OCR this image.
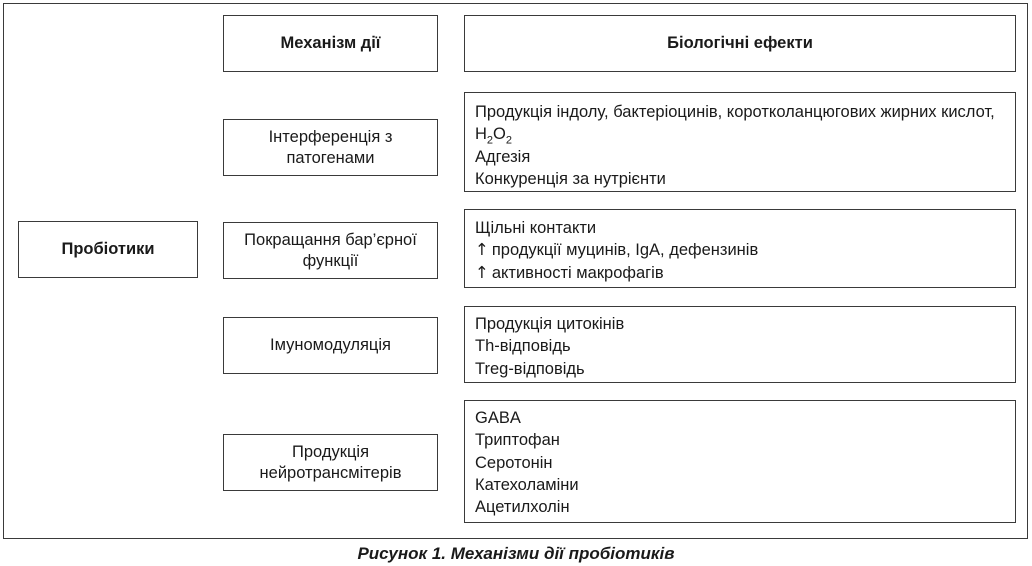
Пробіотики
Механізм дії	Біологічні ефекти
Інтерференція з патогенами
Покращання бар’єрної функції
Імуномодуляція
Продукція нейротрансмітерів
Продукція індолу, бактеріоцинів, коротколанцюгових жирних кислот, $H_2O_2$
Адгезія
Конкуренція за нутрієнти
Щільні контакти
↑ продукції муцинів, IgA, дефензинів
↑ активності макрофагів
Продукція цитокінів
Th-відповідь
Treg-відповідь
GABA
Триптофан
Серотонін
Катехоламіни
Ацетилхолін
Рисунок 1. Механізми дії пробіотиків
